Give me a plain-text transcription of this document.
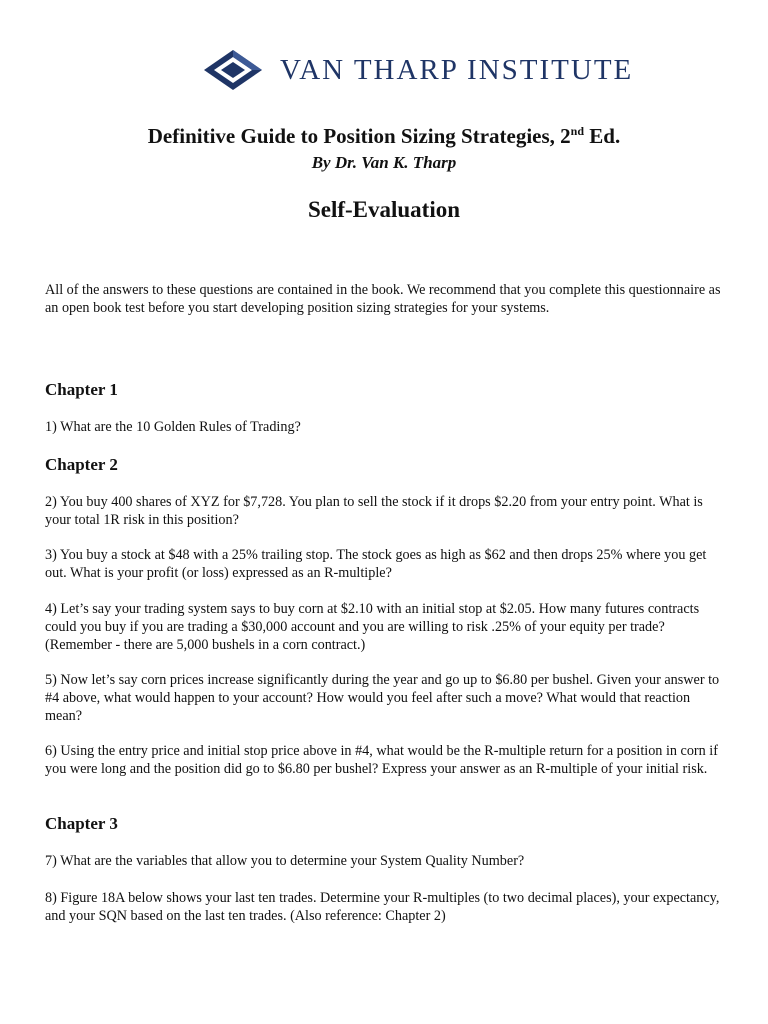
VAN THARP INSTITUTE
Definitive Guide to Position Sizing Strategies, 2nd Ed.
By Dr. Van K. Tharp
Self-Evaluation

All of the answers to these questions are contained in the book. We recommend that you complete this questionnaire as an open book test before you start developing position sizing strategies for your systems.

Chapter 1

1) What are the 10 Golden Rules of Trading?

Chapter 2

2) You buy 400 shares of XYZ for $7,728. You plan to sell the stock if it drops $2.20 from your entry point. What is your total 1R risk in this position?

3) You buy a stock at $48 with a 25% trailing stop. The stock goes as high as $62 and then drops 25% where you get out. What is your profit (or loss) expressed as an R-multiple?

4) Let’s say your trading system says to buy corn at $2.10 with an initial stop at $2.05. How many futures contracts could you buy if you are trading a $30,000 account and you are willing to risk .25% of your equity per trade? (Remember - there are 5,000 bushels in a corn contract.)

5) Now let’s say corn prices increase significantly during the year and go up to $6.80 per bushel. Given your answer to #4 above, what would happen to your account? How would you feel after such a move? What would that reaction mean?

6) Using the entry price and initial stop price above in #4, what would be the R-multiple return for a position in corn if you were long and the position did go to $6.80 per bushel? Express your answer as an R-multiple of your initial risk.

Chapter 3

7) What are the variables that allow you to determine your System Quality Number?

8) Figure 18A below shows your last ten trades. Determine your R-multiples (to two decimal places), your expectancy, and your SQN based on the last ten trades. (Also reference: Chapter 2)
